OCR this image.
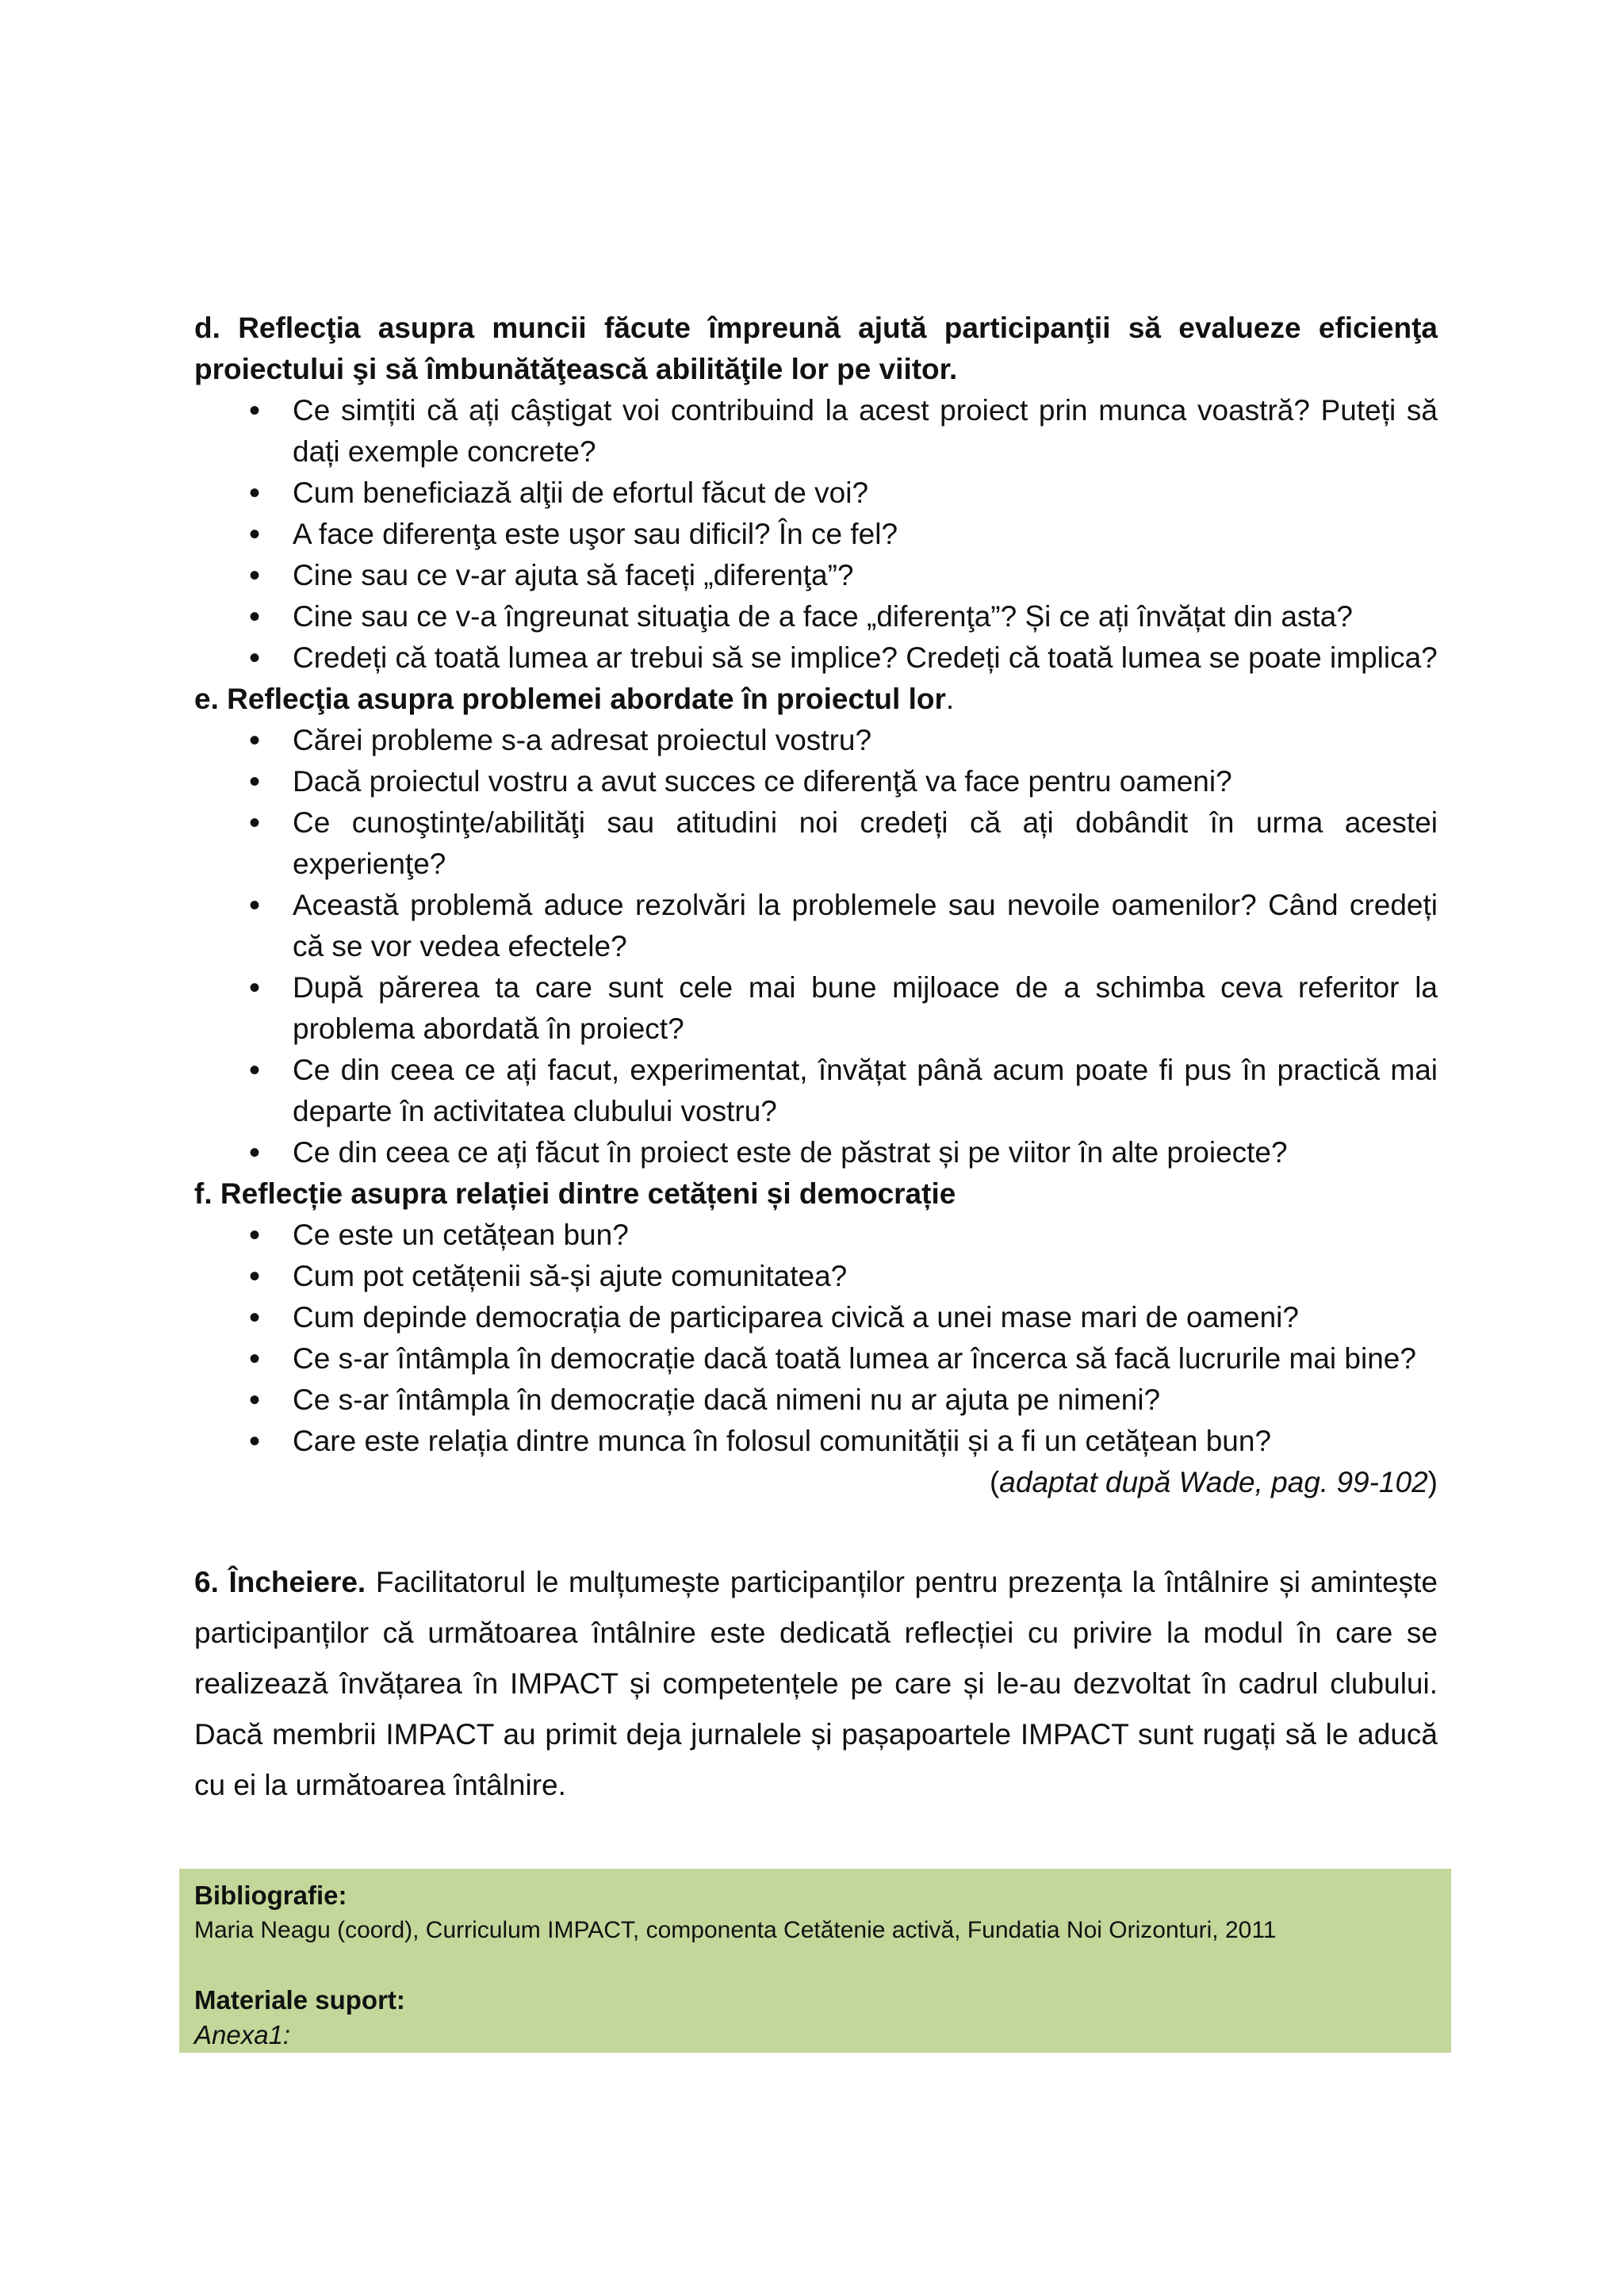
d. Reflecţia asupra muncii făcute împreună ajută participanţii să evalueze eficienţa proiectului şi să îmbunătăţească abilităţile lor pe viitor.

• Ce simțiti că ați câștigat voi contribuind la acest proiect prin munca voastră? Puteți să dați exemple concrete?
• Cum beneficiază alţii de efortul făcut de voi?
• A face diferenţa este uşor sau dificil? În ce fel?
• Cine sau ce v-ar ajuta să faceți „diferenţa”?
• Cine sau ce v-a îngreunat situaţia de a face „diferenţa”? Și ce ați învățat din asta?
• Credeți că toată lumea ar trebui să se implice? Credeți că toată lumea se poate implica?

e. Reflecţia asupra problemei abordate în proiectul lor.

• Cărei probleme s-a adresat proiectul vostru?
• Dacă proiectul vostru a avut succes ce diferenţă va face pentru oameni?
• Ce cunoştinţe/abilităţi sau atitudini noi credeți că ați dobândit în urma acestei experienţe?
• Această problemă aduce rezolvări la problemele sau nevoile oamenilor? Când credeți că se vor vedea efectele?
• După părerea ta care sunt cele mai bune mijloace de a schimba ceva referitor la problema abordată în proiect?
• Ce din ceea ce ați facut, experimentat, învățat până acum poate fi pus în practică mai departe în activitatea clubului vostru?
• Ce din ceea ce ați făcut în proiect este de păstrat și pe viitor în alte proiecte?

f. Reflecție asupra relației dintre cetățeni și democrație

• Ce este un cetățean bun?
• Cum pot cetățenii să-și ajute comunitatea?
• Cum depinde democrația de participarea civică a unei mase mari de oameni?
• Ce s-ar întâmpla în democrație dacă toată lumea ar încerca să facă lucrurile mai bine?
• Ce s-ar întâmpla în democrație dacă nimeni nu ar ajuta pe nimeni?
• Care este relația dintre munca în folosul comunității și a fi un cetățean bun?

(adaptat după Wade, pag. 99-102)

6. Încheiere. Facilitatorul le mulțumește participanților pentru prezența la întâlnire și amintește participanților că următoarea întâlnire este dedicată reflecției cu privire la modul în care se realizează învățarea în IMPACT și competențele pe care și le-au dezvoltat în cadrul clubului. Dacă membrii IMPACT au primit deja jurnalele și pașapoartele IMPACT sunt rugați să le aducă cu ei la următoarea întâlnire.

Bibliografie:
Maria Neagu (coord), Curriculum IMPACT, componenta Cetătenie activă, Fundatia Noi Orizonturi, 2011
Materiale suport:
Anexa1:
